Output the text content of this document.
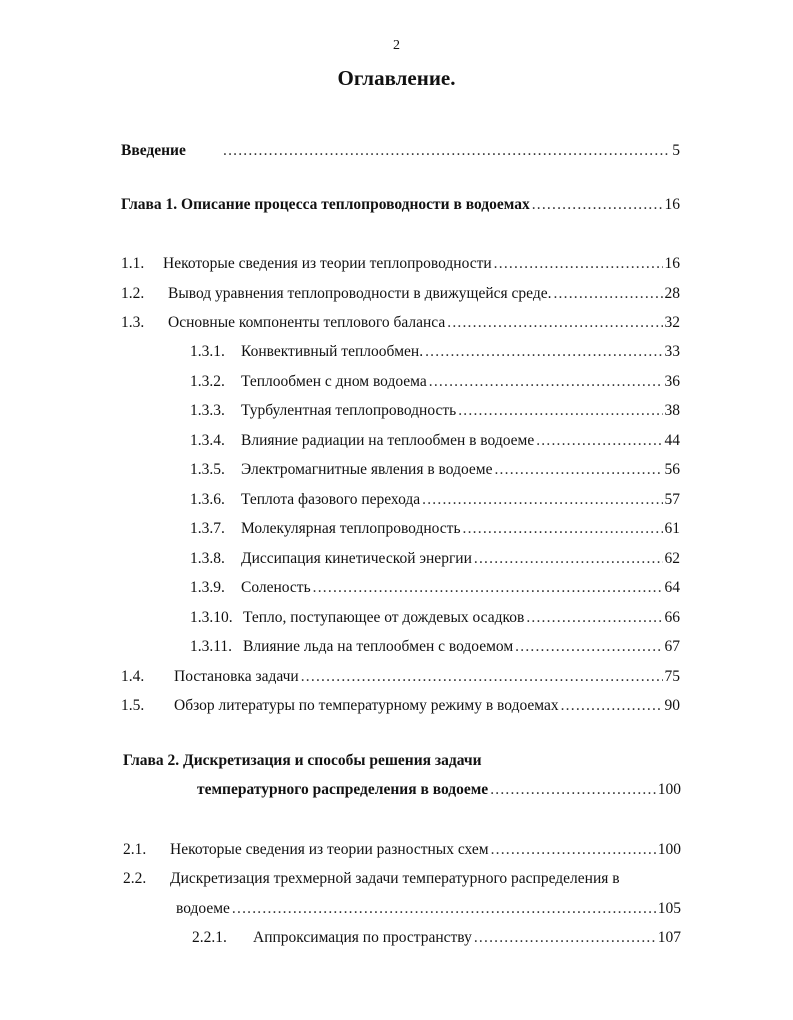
2
Оглавление.
Введение .....	5
Глава 1. Описание процесса теплопроводности в водоемах .....	16
1.1.	Некоторые сведения из теории теплопроводности .....	16
1.2.	Вывод уравнения теплопроводности в движущейся среде. .....	28
1.3.	Основные компоненты теплового баланса .....	32
1.3.1.	Конвективный теплообмен. .....	33
1.3.2.	Теплообмен с дном водоема .....	36
1.3.3.	Турбулентная теплопроводность .....	38
1.3.4.	Влияние радиации на теплообмен в водоеме .....	44
1.3.5.	Электромагнитные явления в водоеме .....	56
1.3.6.	Теплота фазового перехода .....	57
1.3.7.	Молекулярная теплопроводность .....	61
1.3.8.	Диссипация кинетической энергии .....	62
1.3.9.	Соленость .....	64
1.3.10. Тепло, поступающее от дождевых осадков .....	66
1.3.11. Влияние льда на теплообмен с водоемом .....	67
1.4.	Постановка задачи .....	75
1.5.	Обзор литературы по температурному режиму в водоемах .....	90
Глава 2. Дискретизация и способы решения задачи
температурного распределения в водоеме .....	100
2.1.	Некоторые сведения из теории разностных схем .....	100
2.2. Дискретизация трехмерной задачи температурного распределения в
водоеме .....	105
2.2.1.	Аппроксимация по пространству .....	107
